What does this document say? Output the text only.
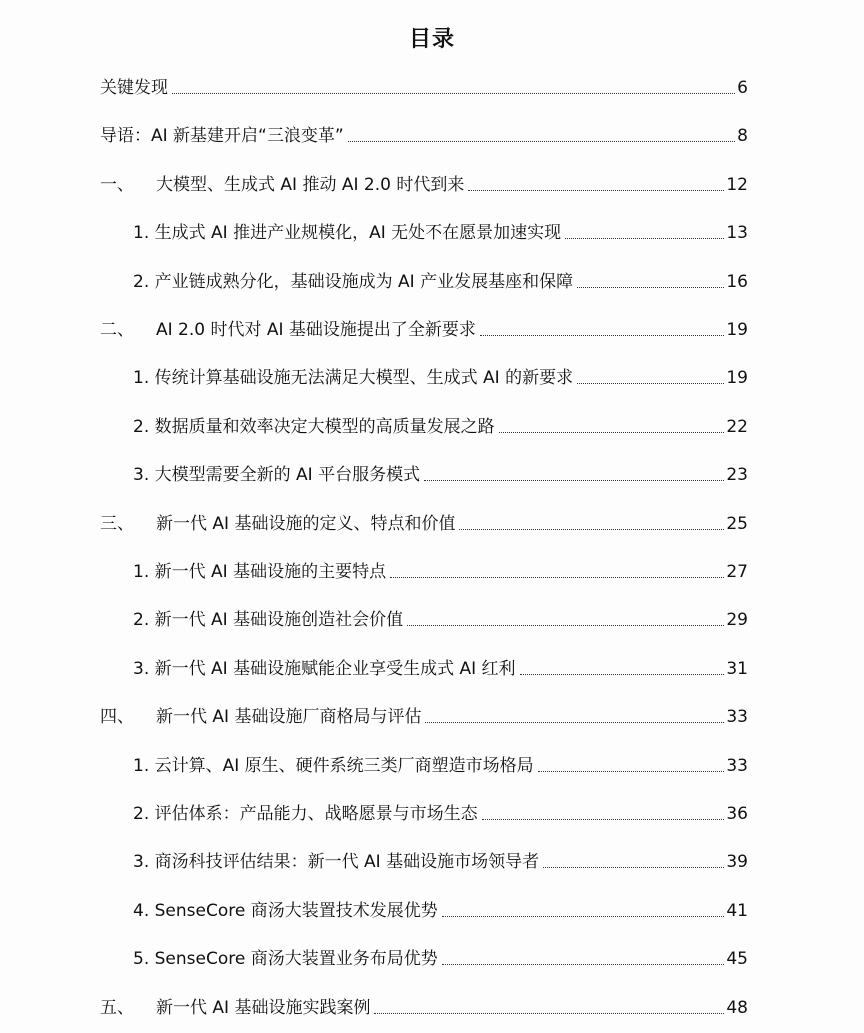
目录
关键发现	6
导语：AI 新基建开启“三浪变革”	8
一、 大模型、生成式 AI 推动 AI 2.0 时代到来	12
1. 生成式 AI 推进产业规模化，AI 无处不在愿景加速实现	13
2. 产业链成熟分化，基础设施成为 AI 产业发展基座和保障	16
二、 AI 2.0 时代对 AI 基础设施提出了全新要求	19
1. 传统计算基础设施无法满足大模型、生成式 AI 的新要求	19
2. 数据质量和效率决定大模型的高质量发展之路	22
3. 大模型需要全新的 AI 平台服务模式	23
三、 新一代 AI 基础设施的定义、特点和价值	25
1. 新一代 AI 基础设施的主要特点	27
2. 新一代 AI 基础设施创造社会价值	29
3. 新一代 AI 基础设施赋能企业享受生成式 AI 红利	31
四、 新一代 AI 基础设施厂商格局与评估	33
1. 云计算、AI 原生、硬件系统三类厂商塑造市场格局	33
2. 评估体系：产品能力、战略愿景与市场生态	36
3. 商汤科技评估结果：新一代 AI 基础设施市场领导者	39
4. SenseCore 商汤大装置技术发展优势	41
5. SenseCore 商汤大装置业务布局优势	45
五、 新一代 AI 基础设施实践案例	48
